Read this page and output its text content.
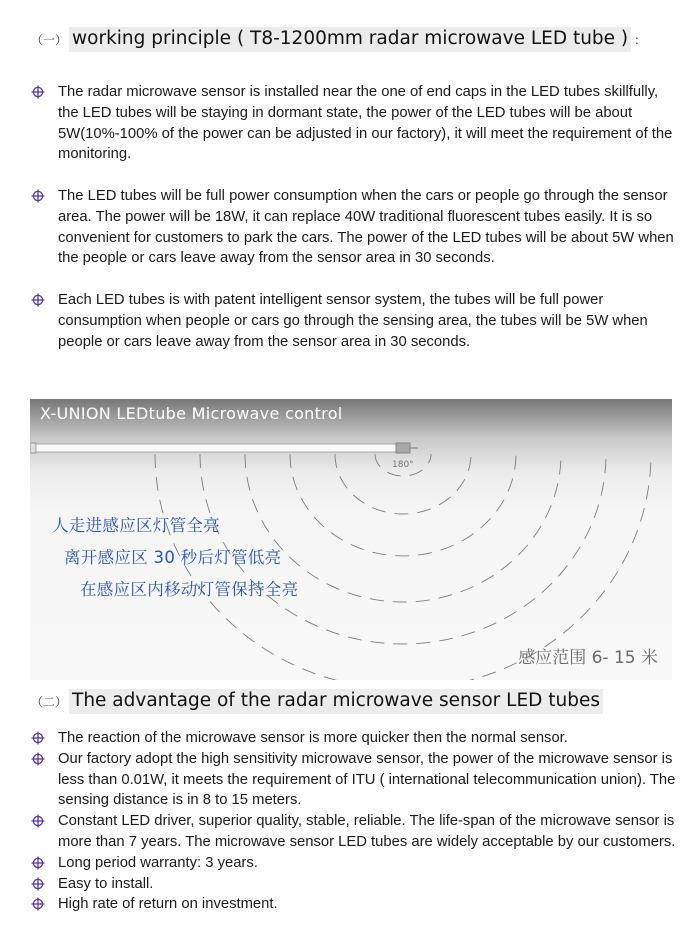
（一） working principle ( T8-1200mm radar microwave LED tube ) ：
The radar microwave sensor is installed near the one of end caps in the LED tubes skillfully, the LED tubes will be staying in dormant state, the power of the LED tubes will be about 5W(10%-100% of the power can be adjusted in our factory), it will meet the requirement of the monitoring.
The LED tubes will be full power consumption when the cars or people go through the sensor area. The power will be 18W, it can replace 40W traditional fluorescent tubes easily. It is so convenient for customers to park the cars. The power of the LED tubes will be about 5W when the people or cars leave away from the sensor area in 30 seconds.
Each LED tubes is with patent intelligent sensor system, the tubes will be full power consumption when people or cars go through the sensing area, the tubes will be 5W when people or cars leave away from the sensor area in 30 seconds.
X-UNION LEDtube Microwave control
180°
人走进感应区灯管全亮
离开感应区 30 秒后灯管低亮
在感应区内移动灯管保持全亮
感应范围 6- 15 米
（二） The advantage of the radar microwave sensor LED tubes
The reaction of the microwave sensor is more quicker then the normal sensor.
Our factory adopt the high sensitivity microwave sensor, the power of the microwave sensor is less than 0.01W, it meets the requirement of ITU ( international telecommunication union). The sensing distance is in 8 to 15 meters.
Constant LED driver, superior quality, stable, reliable. The life-span of the microwave sensor is more than 7 years. The microwave sensor LED tubes are widely acceptable by our customers.
Long period warranty: 3 years.
Easy to install.
High rate of return on investment.
